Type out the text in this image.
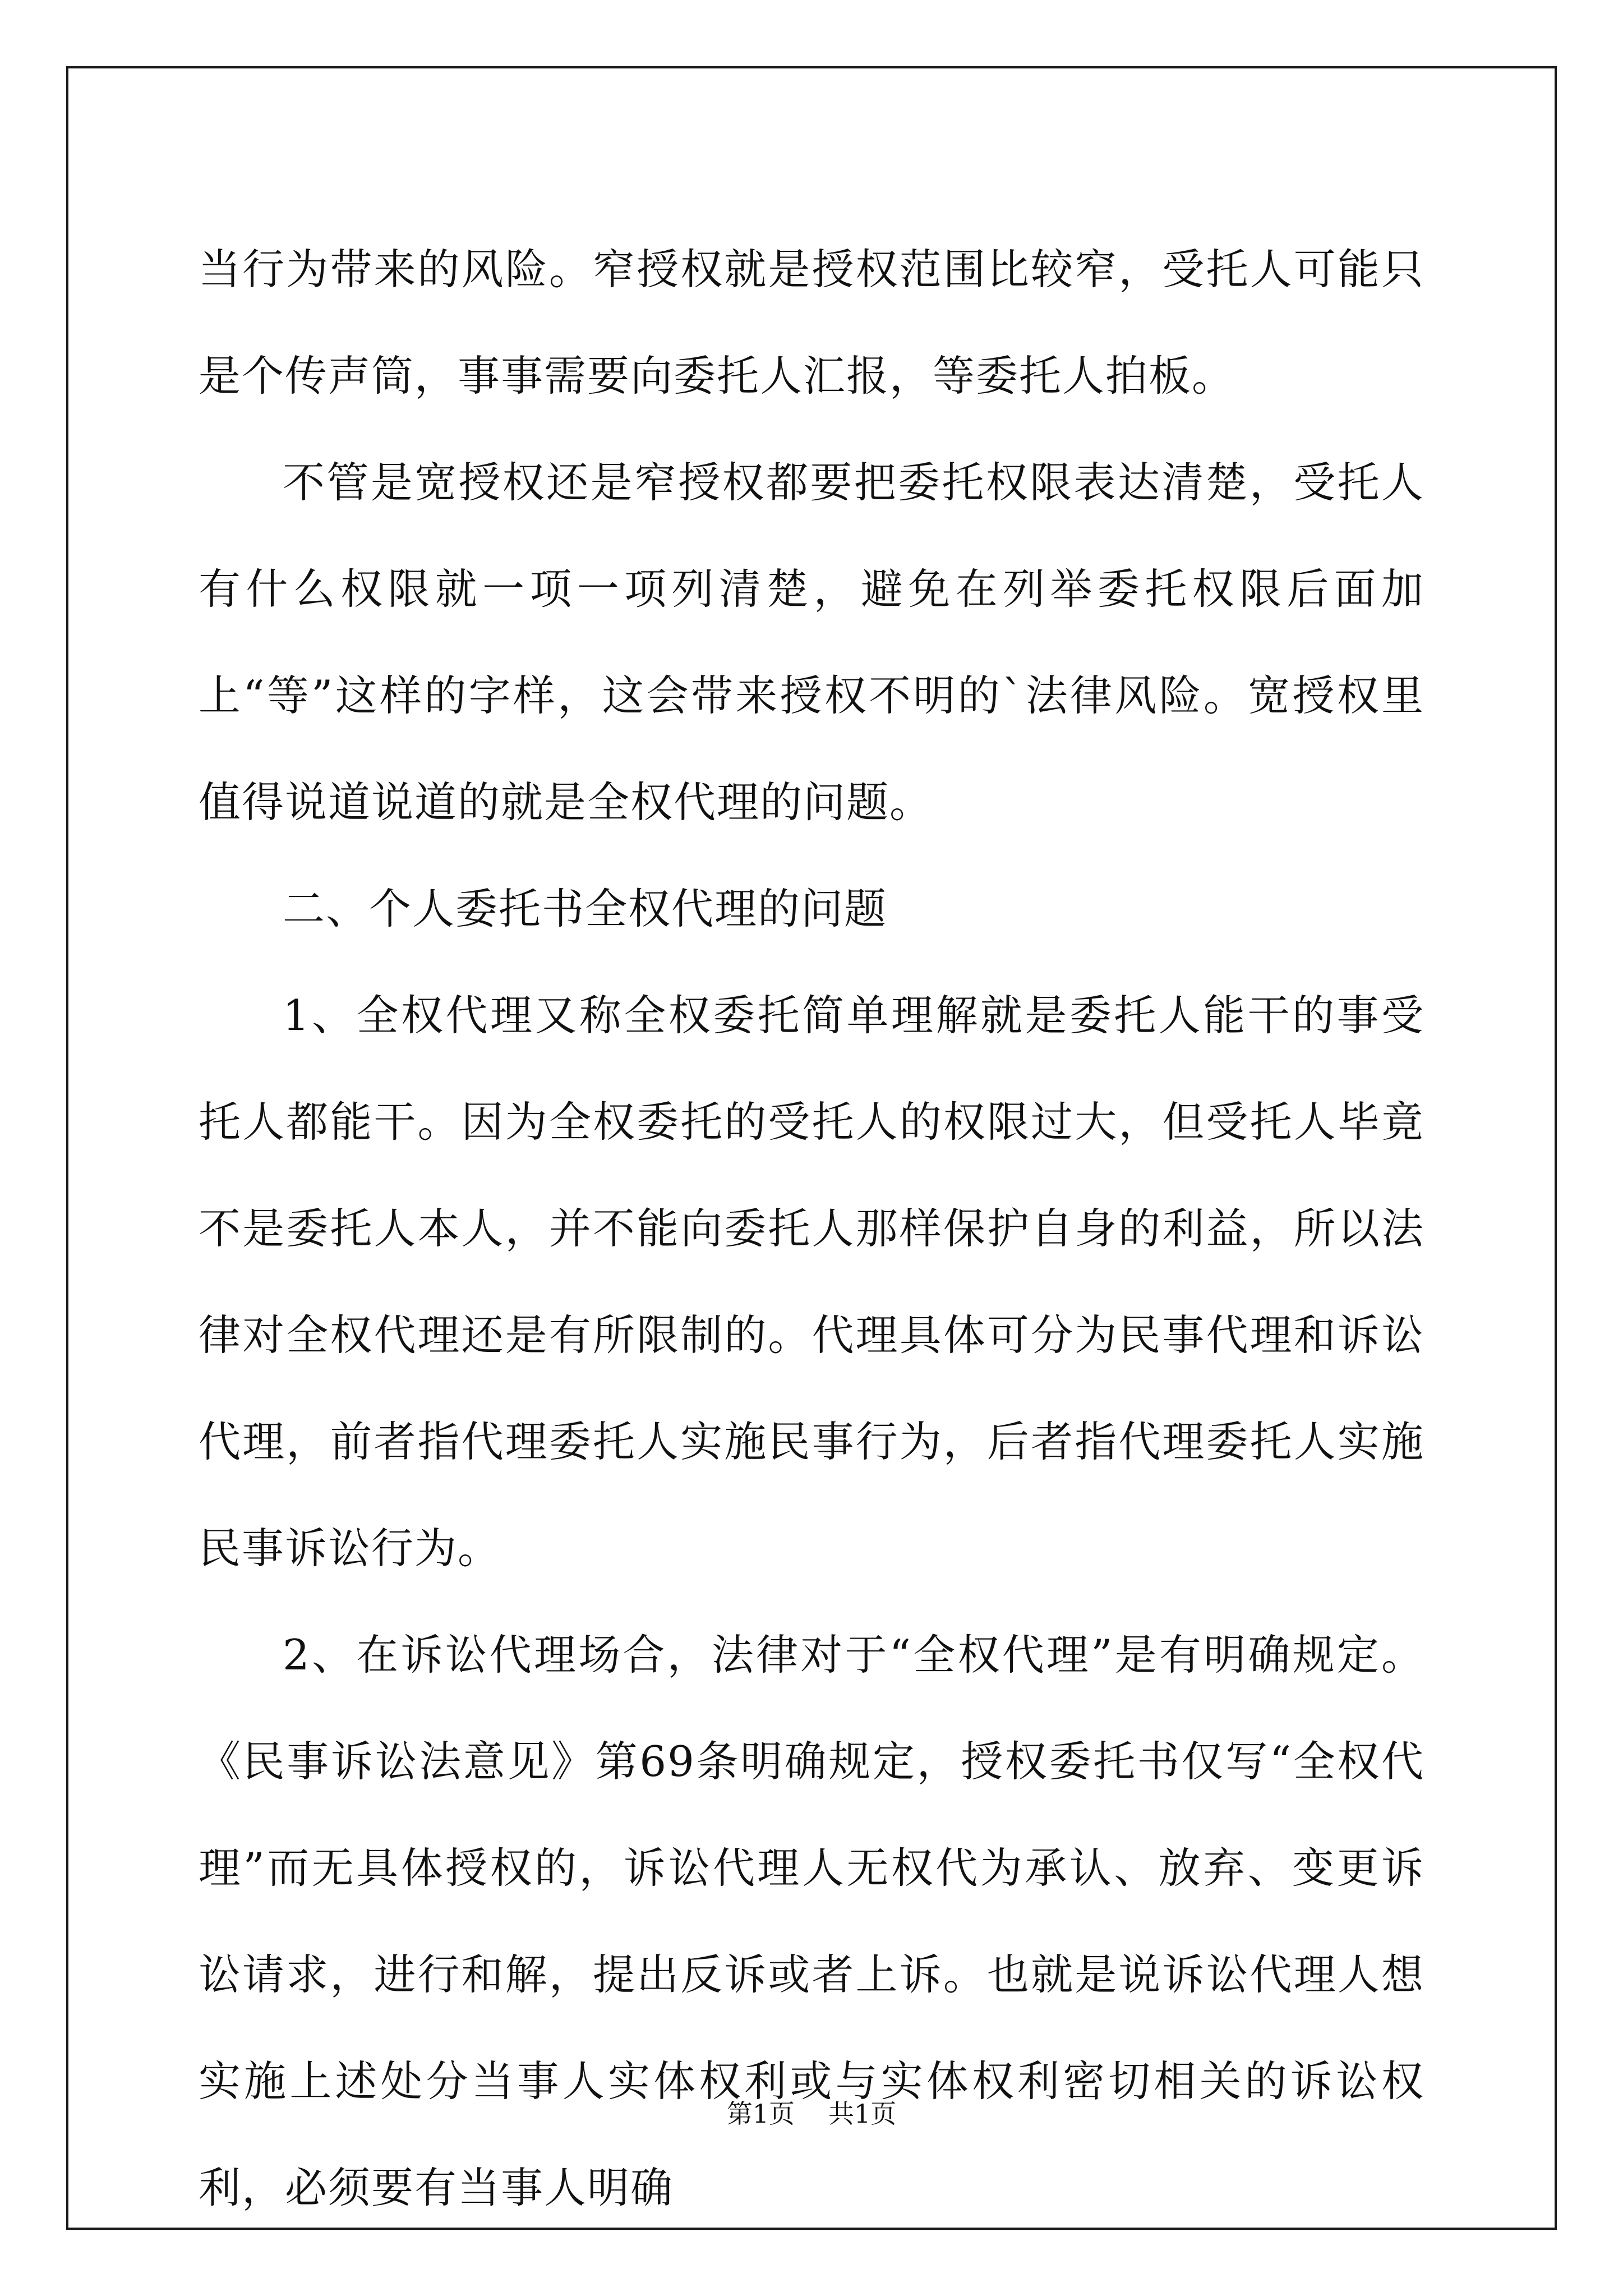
当行为带来的风险。窄授权就是授权范围比较窄，受托人可能只是个传声筒，事事需要向委托人汇报，等委托人拍板。

不管是宽授权还是窄授权都要把委托权限表达清楚，受托人有什么权限就一项一项列清楚，避免在列举委托权限后面加上“等”这样的字样，这会带来授权不明的`法律风险。宽授权里值得说道说道的就是全权代理的问题。

二、个人委托书全权代理的问题

1、全权代理又称全权委托简单理解就是委托人能干的事受托人都能干。因为全权委托的受托人的权限过大，但受托人毕竟不是委托人本人，并不能向委托人那样保护自身的利益，所以法律对全权代理还是有所限制的。代理具体可分为民事代理和诉讼代理，前者指代理委托人实施民事行为，后者指代理委托人实施民事诉讼行为。

2、在诉讼代理场合，法律对于“全权代理”是有明确规定。《民事诉讼法意见》第69条明确规定，授权委托书仅写“全权代理”而无具体授权的，诉讼代理人无权代为承认、放弃、变更诉讼请求，进行和解，提出反诉或者上诉。也就是说诉讼代理人想实施上述处分当事人实体权利或与实体权利密切相关的诉讼权利，必须要有当事人明确

第1页 共1页
